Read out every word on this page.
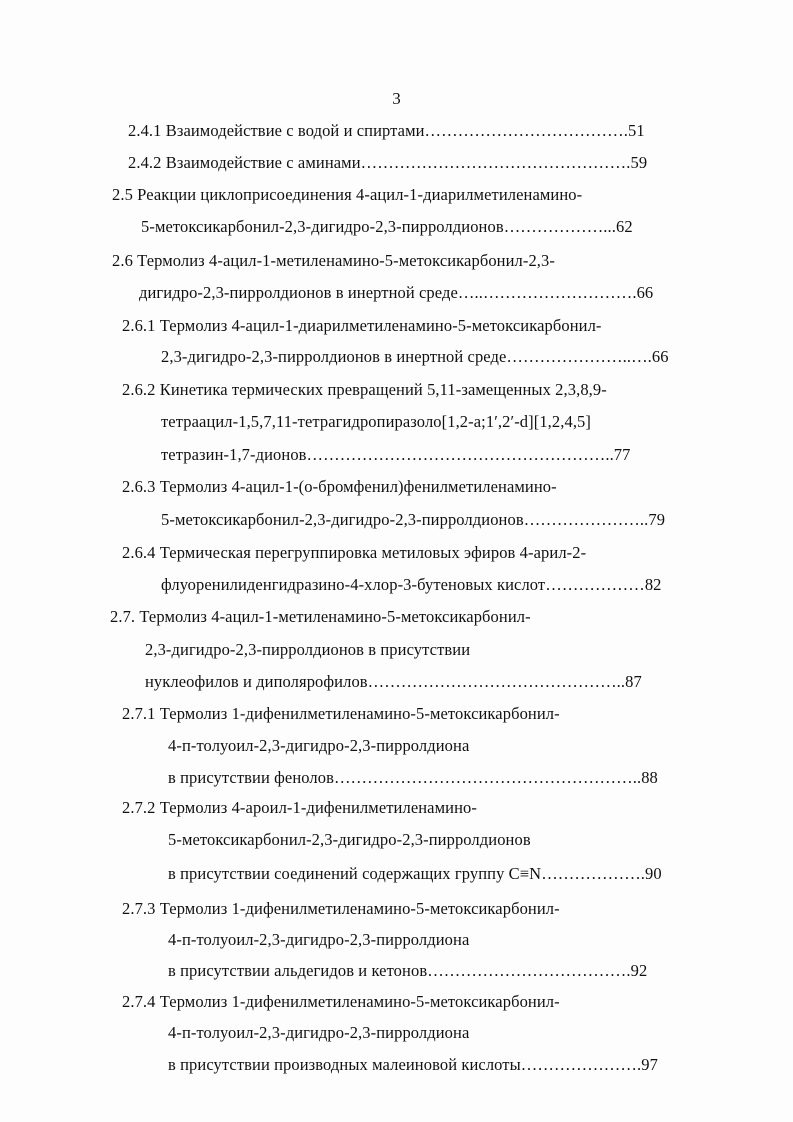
3
2.4.1 Взаимодействие с водой и спиртами……………………………….51
2.4.2 Взаимодействие с аминами………………………………………….59
2.5 Реакции циклоприсоединения 4-ацил-1-диарилметиленамино-
5-метоксикарбонил-2,3-дигидро-2,3-пирролдионов………………...62
2.6 Термолиз 4-ацил-1-метиленамино-5-метоксикарбонил-2,3-
дигидро-2,3-пирролдионов в инертной среде…..……………………….66
2.6.1 Термолиз 4-ацил-1-диарилметиленамино-5-метоксикарбонил-
2,3-дигидро-2,3-пирролдионов в инертной среде…………………..….66
2.6.2 Кинетика термических превращений 5,11-замещенных 2,3,8,9-
тетраацил-1,5,7,11-тетрагидропиразоло[1,2-a;1′,2′-d][1,2,4,5]
тетразин-1,7-дионов………………………………………………..77
2.6.3 Термолиз 4-ацил-1-(о-бромфенил)фенилметиленамино-
5-метоксикарбонил-2,3-дигидро-2,3-пирролдионов…………………..79
2.6.4 Термическая перегруппировка метиловых эфиров 4-арил-2-
флуоренилиденгидразино-4-хлор-3-бутеновых кислот………………82
2.7. Термолиз 4-ацил-1-метиленамино-5-метоксикарбонил-
2,3-дигидро-2,3-пирролдионов в присутствии
нуклеофилов и диполярофилов………………………………………..87
2.7.1 Термолиз 1-дифенилметиленамино-5-метоксикарбонил-
4-п-толуоил-2,3-дигидро-2,3-пирролдиона
в присутствии фенолов………………………………………………..88
2.7.2 Термолиз 4-ароил-1-дифенилметиленамино-
5-метоксикарбонил-2,3-дигидро-2,3-пирролдионов
в присутствии соединений содержащих группу C≡N……………….90
2.7.3 Термолиз 1-дифенилметиленамино-5-метоксикарбонил-
4-п-толуоил-2,3-дигидро-2,3-пирролдиона
в присутствии альдегидов и кетонов……………………………….92
2.7.4 Термолиз 1-дифенилметиленамино-5-метоксикарбонил-
4-п-толуоил-2,3-дигидро-2,3-пирролдиона
в присутствии производных малеиновой кислоты………………….97
